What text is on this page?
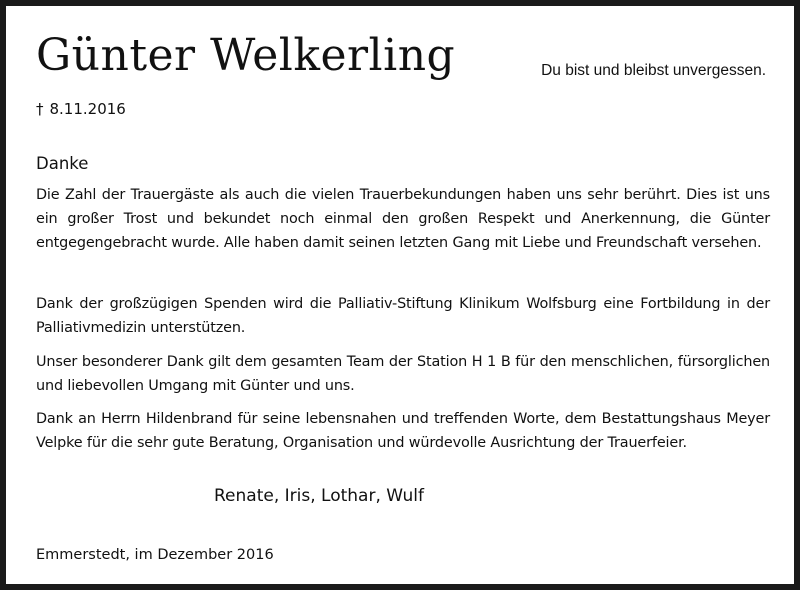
Günter Welkerling	Du bist und bleibst unvergessen.
† 8.11.2016
Danke

Die Zahl der Trauergäste als auch die vielen Trauerbekundungen haben uns sehr berührt. Dies ist uns ein großer Trost und bekundet noch einmal den großen Respekt und Anerkennung, die Günter entgegengebracht wurde. Alle haben damit seinen letzten Gang mit Liebe und Freundschaft versehen.

Dank der großzügigen Spenden wird die Palliativ-Stiftung Klinikum Wolfsburg eine Fortbildung in der Palliativmedizin unterstützen.

Unser besonderer Dank gilt dem gesamten Team der Station H 1 B für den menschlichen, fürsorglichen und liebevollen Umgang mit Günter und uns.

Dank an Herrn Hildenbrand für seine lebensnahen und treffenden Worte, dem Bestattungshaus Meyer Velpke für die sehr gute Beratung, Organisation und würdevolle Ausrichtung der Trauerfeier.

Renate, Iris, Lothar, Wulf
Emmerstedt, im Dezember 2016
